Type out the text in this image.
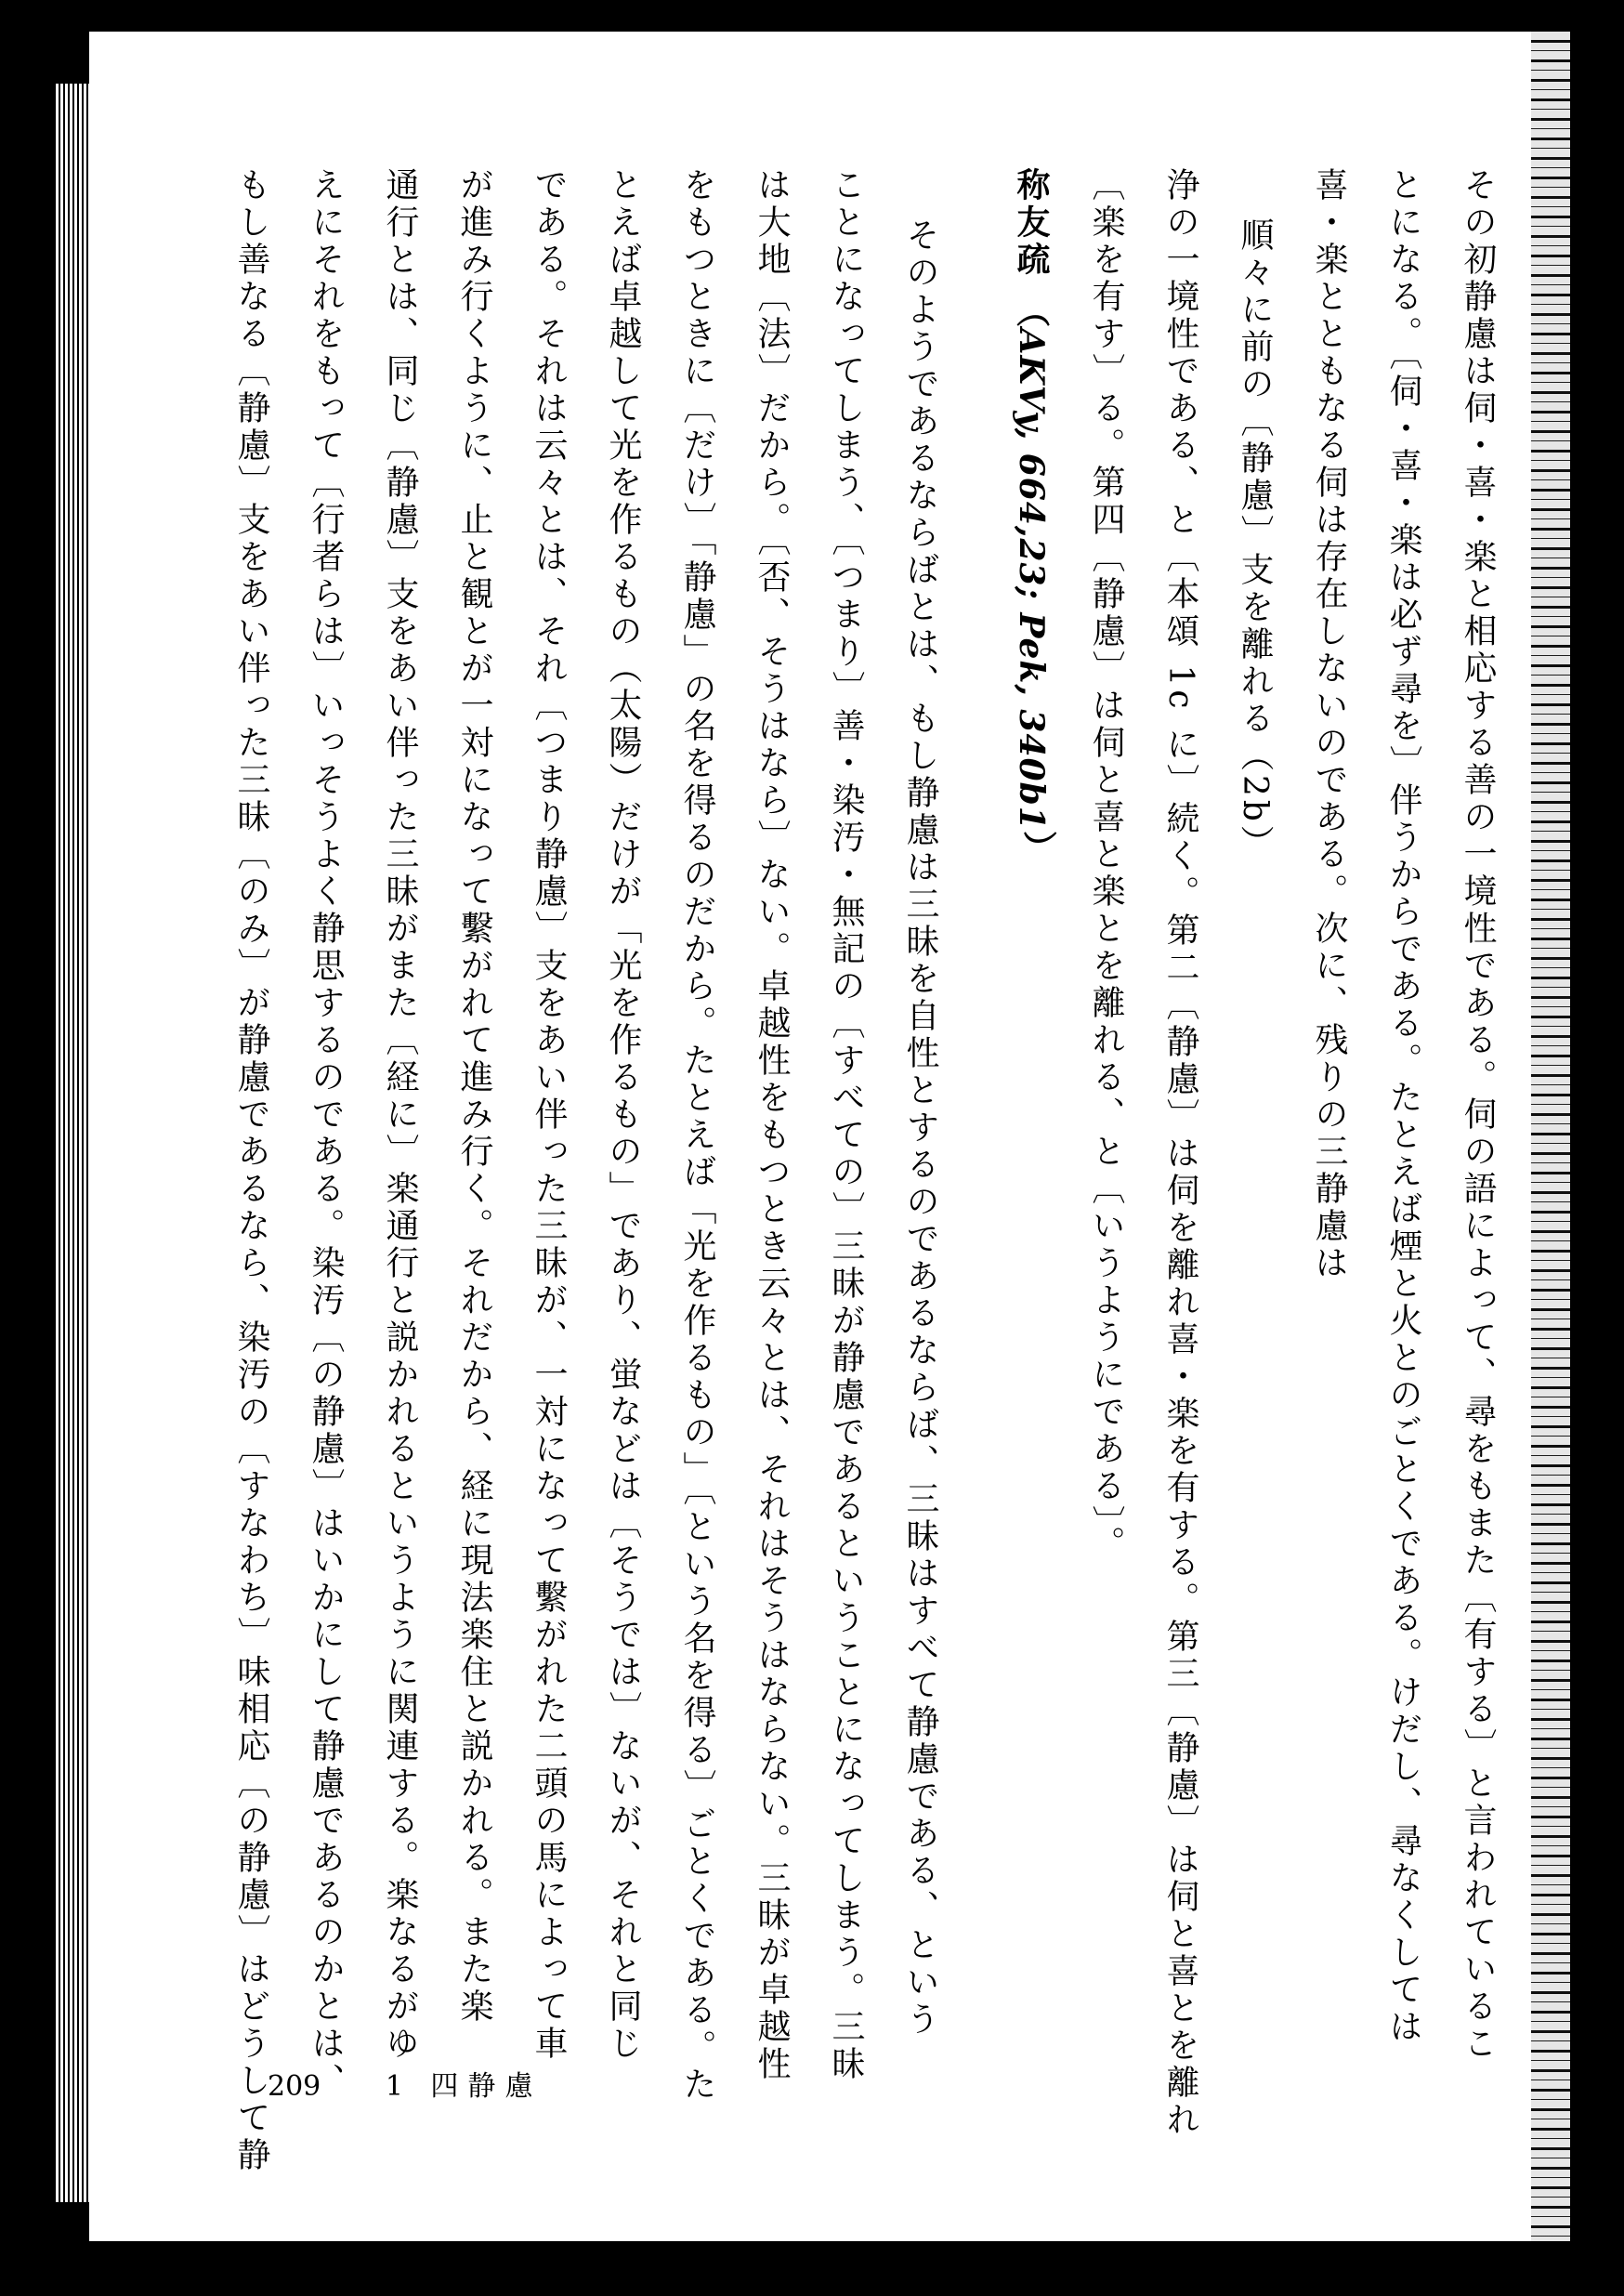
その初静慮は伺・喜・楽と相応する善の一境性である。伺の語によって、尋をもまた〔有する〕と言われているこ

とになる。〔伺・喜・楽は必ず尋を〕伴うからである。たとえば煙と火とのごとくである。けだし、尋なくしては

喜・楽とともなる伺は存在しないのである。次に、残りの三静慮は

順々に前の〔静慮〕支を離れる（2b）

浄の一境性である、と〔本頌 1c に〕続く。第二〔静慮〕は伺を離れ喜・楽を有する。第三〔静慮〕は伺と喜とを離れ

〔楽を有す〕る。第四〔静慮〕は伺と喜と楽とを離れる、と〔いうようにである〕。

称友疏 （AKVy, 664,23; Pek, 340b1）

そのようであるならばとは、もし静慮は三昧を自性とするのであるならば、三昧はすべて静慮である、という

ことになってしまう、〔つまり〕善・染汚・無記の〔すべての〕三昧が静慮であるということになってしまう。三昧

は大地〔法〕だから。〔否、そうはなら〕ない。卓越性をもつとき云々とは、それはそうはならない。三昧が卓越性

をもつときに〔だけ〕「静慮」の名を得るのだから。たとえば「光を作るもの」〔という名を得る〕ごとくである。た

とえば卓越して光を作るもの（太陽）だけが「光を作るもの」であり、蛍などは〔そうでは〕ないが、それと同じ

である。それは云々とは、それ〔つまり静慮〕支をあい伴った三昧が、一対になって繫がれた二頭の馬によって車

が進み行くように、止と観とが一対になって繫がれて進み行く。それだから、経に現法楽住と説かれる。また楽

通行とは、同じ〔静慮〕支をあい伴った三昧がまた〔経に〕楽通行と説かれるというように関連する。楽なるがゆ

えにそれをもって〔行者らは〕いっそうよく静思するのである。染汚〔の静慮〕はいかにして静慮であるのかとは、

もし善なる〔静慮〕支をあい伴った三昧〔のみ〕が静慮であるなら、染汚の〔すなわち〕味相応〔の静慮〕はどうして静

209 1 四静慮
